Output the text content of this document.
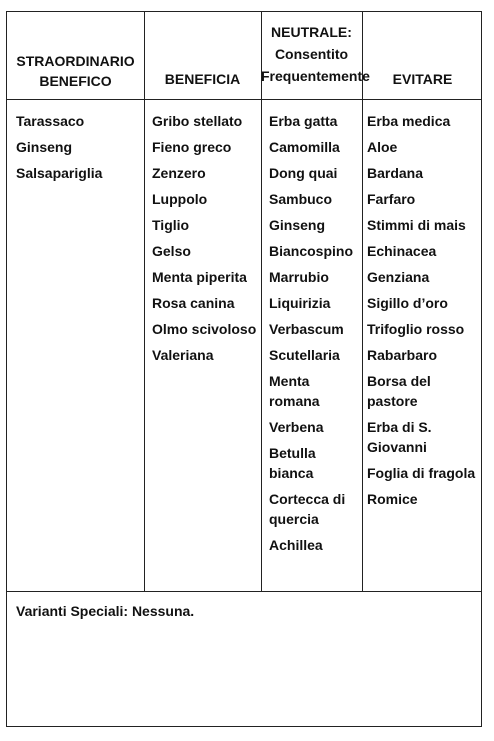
STRAORDINARIO
BENEFICO	BENEFICIA
NEUTRALE:
Consentito
Frequentemente	EVITARE
Tarassaco
Ginseng
Salsapariglia
Gribo stellato
Fieno greco
Zenzero
Luppolo
Tiglio
Gelso
Menta piperita
Rosa canina
Olmo scivoloso
Valeriana
Erba gatta
Camomilla
Dong quai
Sambuco
Ginseng
Biancospino
Marrubio
Liquirizia
Verbascum
Scutellaria
Menta romana
Verbena
Betulla bianca
Cortecca di quercia
Achillea
Erba medica
Aloe
Bardana
Farfaro
Stimmi di mais
Echinacea
Genziana
Sigillo d’oro
Trifoglio rosso
Rabarbaro
Borsa del pastore
Erba di S. Giovanni
Foglia di fragola
Romice
Varianti Speciali: Nessuna.
